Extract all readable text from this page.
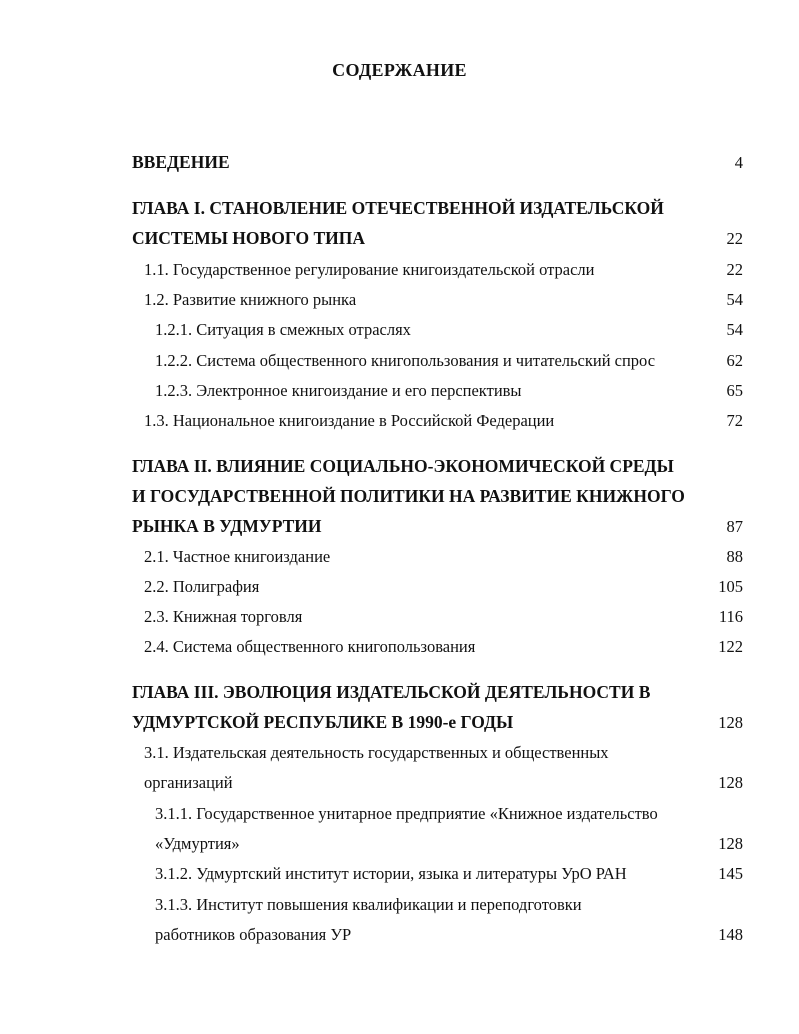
СОДЕРЖАНИЕ
ВВЕДЕНИЕ	4
ГЛАВА I. СТАНОВЛЕНИЕ ОТЕЧЕСТВЕННОЙ ИЗДАТЕЛЬСКОЙ
СИСТЕМЫ НОВОГО ТИПА	22
1.1. Государственное регулирование книгоиздательской отрасли	22
1.2. Развитие книжного рынка	54
1.2.1. Ситуация в смежных отраслях	54
1.2.2. Система общественного книгопользования и читательский спрос	62
1.2.3. Электронное книгоиздание и его перспективы	65
1.3. Национальное книгоиздание в Российской Федерации	72
ГЛАВА II. ВЛИЯНИЕ СОЦИАЛЬНО-ЭКОНОМИЧЕСКОЙ СРЕДЫ
И ГОСУДАРСТВЕННОЙ ПОЛИТИКИ НА РАЗВИТИЕ КНИЖНОГО
РЫНКА В УДМУРТИИ	87
2.1. Частное книгоиздание	88
2.2. Полиграфия	105
2.3. Книжная торговля	116
2.4. Система общественного книгопользования	122
ГЛАВА III. ЭВОЛЮЦИЯ ИЗДАТЕЛЬСКОЙ ДЕЯТЕЛЬНОСТИ В
УДМУРТСКОЙ РЕСПУБЛИКЕ В 1990-е ГОДЫ	128
3.1. Издательская деятельность государственных и общественных
организаций	128
3.1.1. Государственное унитарное предприятие «Книжное издательство
«Удмуртия»	128
3.1.2. Удмуртский институт истории, языка и литературы УрО РАН	145
3.1.3. Институт повышения квалификации и переподготовки
работников образования УР	148
